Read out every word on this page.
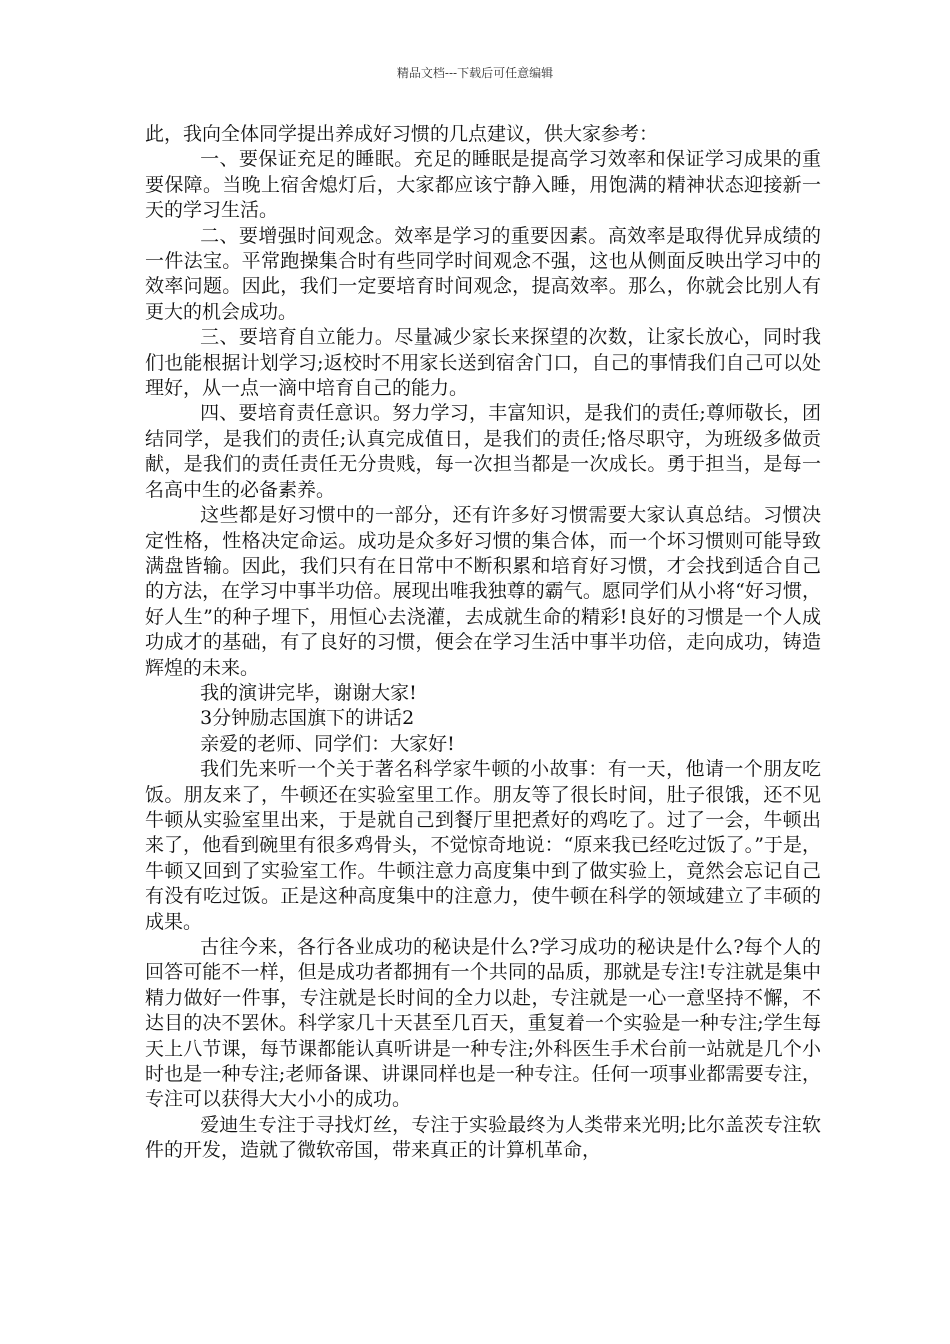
精品文档---下载后可任意编辑

此，我向全体同学提出养成好习惯的几点建议，供大家参考：

一、要保证充足的睡眠。充足的睡眠是提高学习效率和保证学习成果的重要保障。当晚上宿舍熄灯后，大家都应该宁静入睡，用饱满的精神状态迎接新一天的学习生活。

二、要增强时间观念。效率是学习的重要因素。高效率是取得优异成绩的一件法宝。平常跑操集合时有些同学时间观念不强，这也从侧面反映出学习中的效率问题。因此，我们一定要培育时间观念，提高效率。那么，你就会比别人有更大的机会成功。

三、要培育自立能力。尽量减少家长来探望的次数，让家长放心，同时我们也能根据计划学习;返校时不用家长送到宿舍门口，自己的事情我们自己可以处理好，从一点一滴中培育自己的能力。

四、要培育责任意识。努力学习，丰富知识，是我们的责任;尊师敬长，团结同学，是我们的责任;认真完成值日，是我们的责任;恪尽职守，为班级多做贡献，是我们的责任责任无分贵贱，每一次担当都是一次成长。勇于担当，是每一名高中生的必备素养。

这些都是好习惯中的一部分，还有许多好习惯需要大家认真总结。习惯决定性格，性格决定命运。成功是众多好习惯的集合体，而一个坏习惯则可能导致满盘皆输。因此，我们只有在日常中不断积累和培育好习惯，才会找到适合自己的方法，在学习中事半功倍。展现出唯我独尊的霸气。愿同学们从小将“好习惯，好人生”的种子埋下，用恒心去浇灌，去成就生命的精彩!良好的习惯是一个人成功成才的基础，有了良好的习惯，便会在学习生活中事半功倍，走向成功，铸造辉煌的未来。

我的演讲完毕，谢谢大家!

3分钟励志国旗下的讲话2

亲爱的老师、同学们：大家好!

我们先来听一个关于著名科学家牛顿的小故事：有一天，他请一个朋友吃饭。朋友来了，牛顿还在实验室里工作。朋友等了很长时间，肚子很饿，还不见牛顿从实验室里出来，于是就自己到餐厅里把煮好的鸡吃了。过了一会，牛顿出来了，他看到碗里有很多鸡骨头，不觉惊奇地说：“原来我已经吃过饭了。”于是，牛顿又回到了实验室工作。牛顿注意力高度集中到了做实验上，竟然会忘记自己有没有吃过饭。正是这种高度集中的注意力，使牛顿在科学的领域建立了丰硕的成果。

古往今来，各行各业成功的秘诀是什么?学习成功的秘诀是什么?每个人的回答可能不一样，但是成功者都拥有一个共同的品质，那就是专注!专注就是集中精力做好一件事，专注就是长时间的全力以赴，专注就是一心一意坚持不懈，不达目的决不罢休。科学家几十天甚至几百天，重复着一个实验是一种专注;学生每天上八节课，每节课都能认真听讲是一种专注;外科医生手术台前一站就是几个小时也是一种专注;老师备课、讲课同样也是一种专注。任何一项事业都需要专注，专注可以获得大大小小的成功。

爱迪生专注于寻找灯丝，专注于实验最终为人类带来光明;比尔盖茨专注软件的开发，造就了微软帝国，带来真正的计算机革命，
